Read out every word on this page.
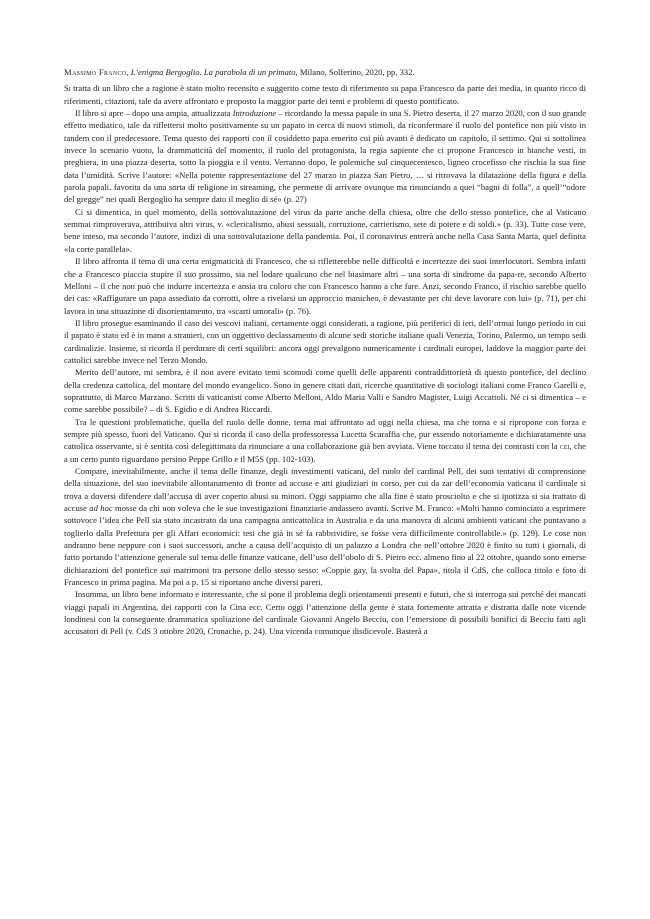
Massimo Franco, L’enigma Bergoglio. La parabola di un primato, Milano, Solferino, 2020, pp. 332.

Si tratta di un libro che a ragione è stato molto recensito e suggerito come testo di riferimento su papa Francesco da parte dei media, in quanto ricco di riferimenti, citazioni, tale da avere affrontato e proposto la maggior parte dei temi e problemi di questo pontificato.

Il libro si apre – dopo una ampia, attualizzata Introduzione – ricordando la messa papale in una S. Pietro deserta, il 27 marzo 2020, con il suo grande effetto mediatico, tale da riflettersi molto positivamente su un papato in cerca di nuovi stimoli, da riconfermare il ruolo del pontefice non più visto in tandem con il predecessore. Tema questo dei rapporti con il cosiddetto papa emerito cui più avanti è dedicato un capitolo, il settimo. Qui si sottolinea invece lo scenario vuoto, la drammaticità del momento, il ruolo del protagonista, la regia sapiente che ci propone Francesco in bianche vesti, in preghiera, in una piazza deserta, sotto la pioggia e il vento. Verranno dopo, le polemiche sul cinquecentesco, ligneo crocefisso che rischia la sua fine data l’umidità. Scrive l’autore: «Nella potente rappresentazione del 27 marzo in piazza San Pietro, … si ritrovava la dilatazione della figura e della parola papali, favorita da una sorta di religione in streaming, che permette di arrivare ovunque ma rinunciando a quei “bagni di folla”, a quell’“odore del gregge” nei quali Bergoglio ha sempre dato il meglio di sé» (p. 27)

Ci si dimentica, in quel momento, della sottovalutazione del virus da parte anche della chiesa, oltre che dello stesso pontefice, che al Vaticano semmai rimproverava, attribuiva altri virus, v. «clericalismo, abusi sessuali, corruzione, carrierismo, sete di potere e di soldi.» (p. 33). Tutte cose vere, bene inteso, ma secondo l’autore, indizi di una sottovalutazione della pandemia. Poi, il coronavirus entrerà anche nella Casa Santa Marta, quel definita «la corte parallela».

Il libro affronta il tema di una certa enigmaticità di Francesco, che si rifletterebbe nelle difficoltà e incertezze dei suoi interlocutori. Sembra infatti che a Francesco piaccia stupire il suo prossimo, sia nel lodare qualcuno che nel biasimare altri – una sorta di sindrome da papa-re, secondo Alberto Melloni – il che non può che indurre incertezza e ansia tra coloro che con Francesco hanno a che fare. Anzi, secondo Franco, il rischio sarebbe quello dei cas: «Raffigurare un papa assediato da corrotti, oltre a rivelarsi un approccio manicheo, è devastante per chi deve lavorare con lui» (p. 71), per chi lavora in una situazione di disorientamento, tra «scarti umorali» (p. 76).

Il libro prosegue esaminando il caso dei vescovi italiani, certamente oggi considerati, a ragione, più periferici di ieri, dell’ormai lungo periodo in cui il papato è stato ed è in mano a stranieri, con un oggettivo declassamento di alcune sedi storiche italiane quali Venezia, Torino, Palermo, un tempo sedi cardinalizie. Insieme, si ricorda il perdurare di certi squilibri: ancora oggi prevalgono numericamente i cardinali europei, laddove la maggior parte dei cattolici sarebbe invece nel Terzo Mondo.

Merito dell’autore, mi sembra, è il non avere evitato temi scomodi come quelli delle apparenti contraddittorietà di questo pontefice, del declino della credenza cattolica, del montare del mondo evangelico. Sono in genere citati dati, ricerche quantitative di sociologi italiani come Franco Garelli e, soprattutto, di Marco Marzano. Scritti di vaticanisti come Alberto Melloni, Aldo Maria Valli e Sandro Magister, Luigi Accattoli. Né ci si dimentica – e come sarebbe possibile? – di S. Egidio e di Andrea Riccardi.

Tra le questioni problematiche, quella del ruolo delle donne, tema mai affrontato ad oggi nella chiesa, ma che torna e si ripropone con forza e sempre più spesso, fuori del Vaticano. Qui si ricorda il caso della professoressa Lucetta Scaraffia che, pur essendo notoriamente e dichiaratamente una cattolica osservante, si è sentita così delegittimata da rinunciare a una collaborazione già ben avviata. Viene toccato il tema dei contrasti con la cei, che a un certo punto riguardano persino Peppe Grillo e il M5S (pp. 102-103).

Compare, inevitabilmente, anche il tema delle finanze, degli investimenti vaticani, del ruolo del cardinal Pell, dei suoi tentativi di comprensione della situazione, del suo inevitabile allontanamento di fronte ad accuse e atti giudiziari in corso, per cui da zar dell’economia vaticana il cardinale si trova a doversi difendere dall’accusa di aver coperto abusi su minori. Oggi sappiamo che alla fine è stato prosciolto e che si ipotizza si sia trattato di accuse ad hoc mosse da chi non voleva che le sue investigazioni finanziarie andassero avanti. Scrive M. Franco: «Molti hanno cominciato a esprimere sottovoce l’idea che Pell sia stato incastrato da una campagna anticattolica in Australia e da una manovra di alcuni ambienti vaticani che puntavano a toglierlo dalla Prefettura per gli Affari economici: tesi che già in sé fa rabbrividire, se fosse vera difficilmente controllabile.» (p. 129). Le cose non andranno bene neppure con i suoi successori, anche a causa dell’acquisto di un palazzo a Londra che nell’ottobre 2020 è finito su tutti i giornali, di fatto portando l’attenzione generale sul tema delle finanze vaticane, dell’uso dell’obolo di S. Pietro ecc. almeno fino al 22 ottobre, quando sono emerse dichiarazioni del pontefice sui matrimoni tra persone dello stesso sesso: «Coppie gay, la svolta del Papa», titola il CdS, che colloca titolo e foto di Francesco in prima pagina. Ma poi a p. 15 si riportano anche diversi pareri.

Insomma, un libro bene informato e interessante, che si pone il problema degli orientamenti presenti e futuri, che si interroga sui perché dei mancati viaggi papali in Argentina, dei rapporti con la Cina ecc. Certo oggi l’attenzione della gente è stata fortemente attratta e distratta dalle note vicende londinesi con la conseguente drammatica spoliazione del cardinale Giovanni Angelo Becciu, con l’emersione di possibili bonifici di Becciu fatti agli accusatori di Pell (v. CdS 3 ottobre 2020, Cronache, p. 24). Una vicenda comunque disdicevole. Basterà a
